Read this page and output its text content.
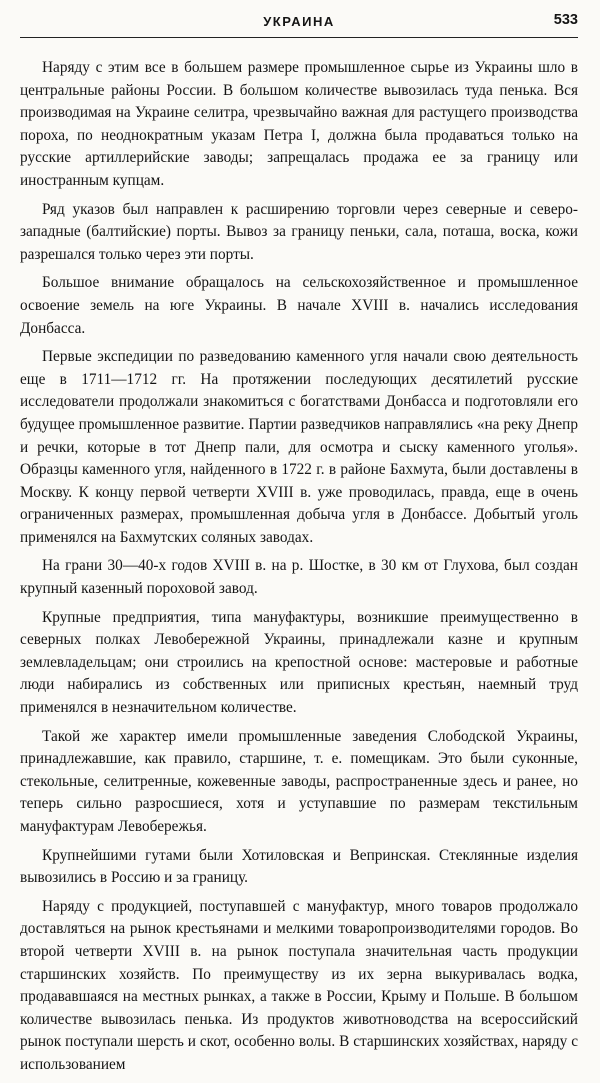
УКРАИНА	533

Наряду с этим все в большем размере промышленное сырье из Украины шло в центральные районы России. В большом количестве вывозилась туда пенька. Вся производимая на Украине селитра, чрезвычайно важная для растущего производства пороха, по неоднократным указам Петра I, должна была продаваться только на русские артиллерийские заводы; запрещалась продажа ее за границу или иностранным купцам.

Ряд указов был направлен к расширению торговли через северные и северо-западные (балтийские) порты. Вывоз за границу пеньки, сала, поташа, воска, кожи разрешался только через эти порты.

Большое внимание обращалось на сельскохозяйственное и промышленное освоение земель на юге Украины. В начале XVIII в. начались исследования Донбасса.

Первые экспедиции по разведованию каменного угля начали свою деятельность еще в 1711—1712 гг. На протяжении последующих десятилетий русские исследователи продолжали знакомиться с богатствами Донбасса и подготовляли его будущее промышленное развитие. Партии разведчиков направлялись «на реку Днепр и речки, которые в тот Днепр пали, для осмотра и сыску каменного уголья». Образцы каменного угля, найденного в 1722 г. в районе Бахмута, были доставлены в Москву. К концу первой четверти XVIII в. уже проводилась, правда, еще в очень ограниченных размерах, промышленная добыча угля в Донбассе. Добытый уголь применялся на Бахмутских соляных заводах.

На грани 30—40-х годов XVIII в. на р. Шостке, в 30 км от Глухова, был создан крупный казенный пороховой завод.

Крупные предприятия, типа мануфактуры, возникшие преимущественно в северных полках Левобережной Украины, принадлежали казне и крупным землевладельцам; они строились на крепостной основе: мастеровые и работные люди набирались из собственных или приписных крестьян, наемный труд применялся в незначительном количестве.

Такой же характер имели промышленные заведения Слободской Украины, принадлежавшие, как правило, старшине, т. е. помещикам. Это были суконные, стекольные, селитренные, кожевенные заводы, распространенные здесь и ранее, но теперь сильно разросшиеся, хотя и уступавшие по размерам текстильным мануфактурам Левобережья.

Крупнейшими гутами были Хотиловская и Вепринская. Стеклянные изделия вывозились в Россию и за границу.

Наряду с продукцией, поступавшей с мануфактур, много товаров продолжало доставляться на рынок крестьянами и мелкими товаропроизводителями городов. Во второй четверти XVIII в. на рынок поступала значительная часть продукции старшинских хозяйств. По преимуществу из их зерна выкуривалась водка, продававшаяся на местных рынках, а также в России, Крыму и Польше. В большом количестве вывозилась пенька. Из продуктов животноводства на всероссийский рынок поступали шерсть и скот, особенно волы. В старшинских хозяйствах, наряду с использованием
